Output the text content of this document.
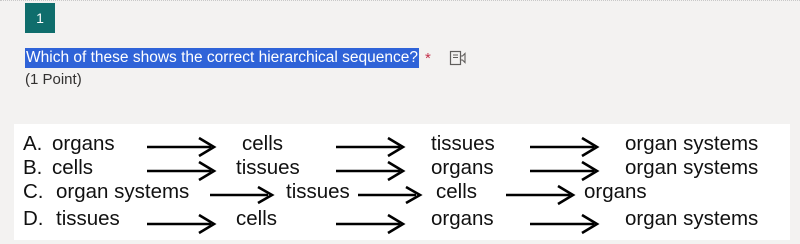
1
Which of these shows the correct hierarchical sequence? *
(1 Point)
A. organs	cells	tissues	organ systems
B. cells	tissues	organs	organ systems
C. organ systems	tissues	cells	organs
D. tissues	cells	organs	organ systems
